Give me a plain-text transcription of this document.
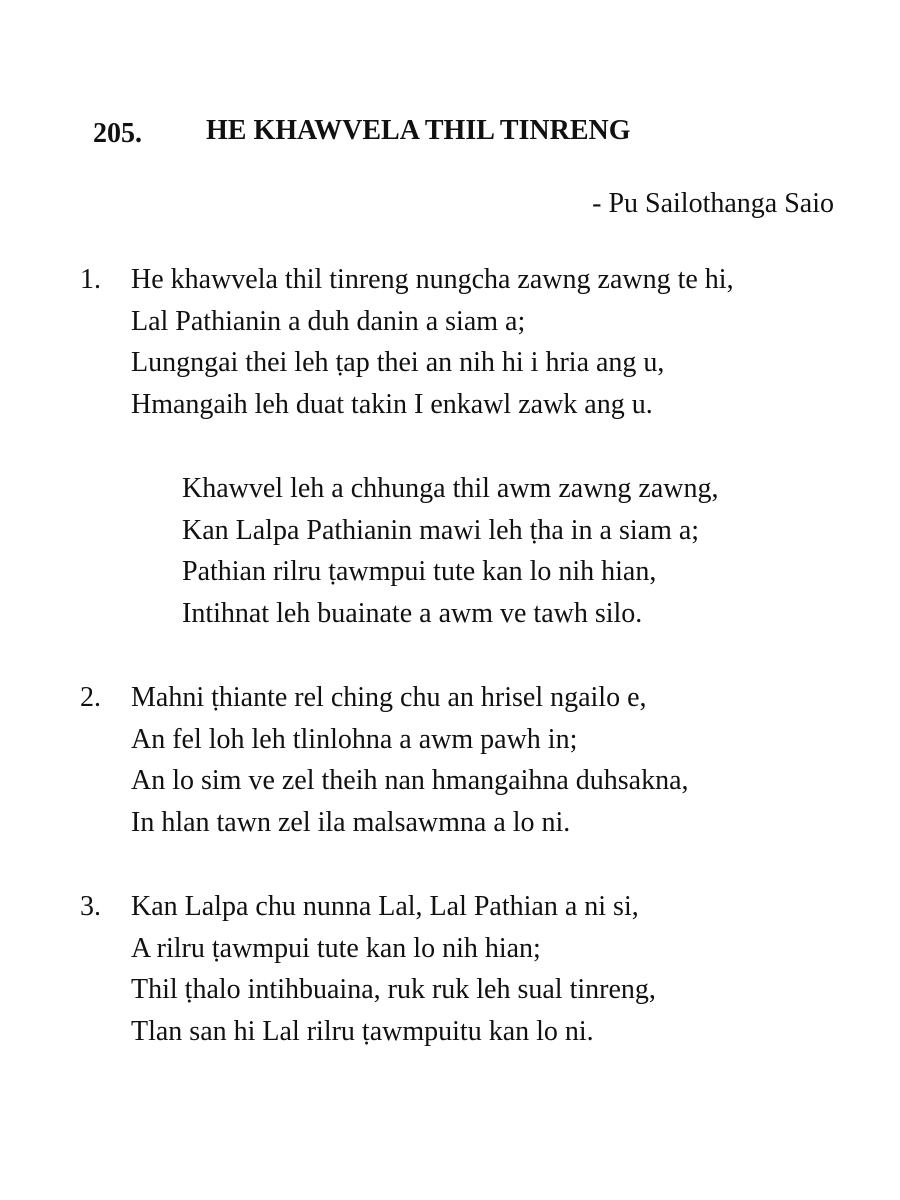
205. HE KHAWVELA THIL TINRENG
- Pu Sailothanga Saio
1. He khawvela thil tinreng nungcha zawng zawng te hi,
Lal Pathianin a duh danin a siam a;
Lungngai thei leh ṭap thei an nih hi i hria ang u,
Hmangaih leh duat takin I enkawl zawk ang u.
Khawvel leh a chhunga thil awm zawng zawng,
Kan Lalpa Pathianin mawi leh ṭha in a siam a;
Pathian rilru ṭawmpui tute kan lo nih hian,
Intihnat leh buainate a awm ve tawh silo.
2. Mahni ṭhiante rel ching chu an hrisel ngailo e,
An fel loh leh tlinlohna a awm pawh in;
An lo sim ve zel theih nan hmangaihna duhsakna,
In hlan tawn zel ila malsawmna a lo ni.
3. Kan Lalpa chu nunna Lal, Lal Pathian a ni si,
A rilru ṭawmpui tute kan lo nih hian;
Thil ṭhalo intihbuaina, ruk ruk leh sual tinreng,
Tlan san hi Lal rilru ṭawmpuitu kan lo ni.
